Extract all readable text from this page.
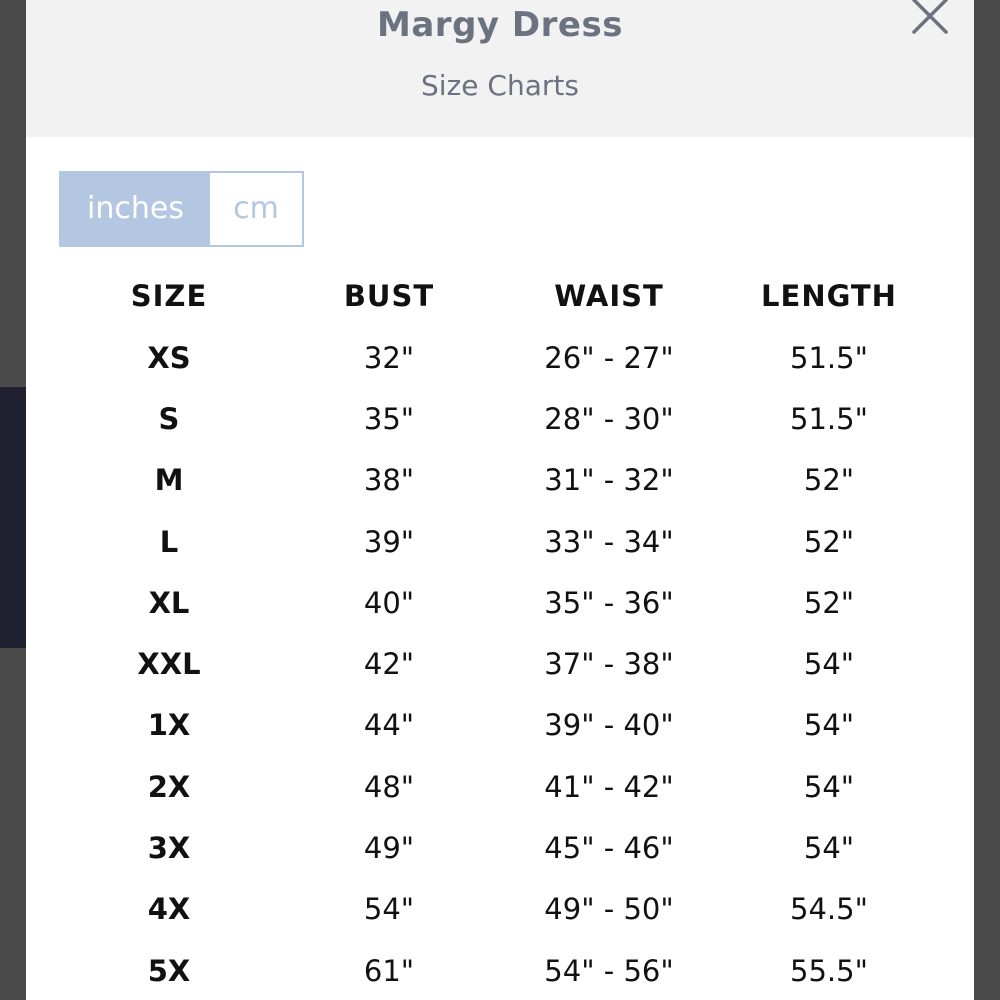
Margy Dress
Size Charts
inches	cm
SIZE	BUST	WAIST	LENGTH
XS	32"	26" - 27"	51.5"
S	35"	28" - 30"	51.5"
M	38"	31" - 32"	52"
L	39"	33" - 34"	52"
XL	40"	35" - 36"	52"
XXL	42"	37" - 38"	54"
1X	44"	39" - 40"	54"
2X	48"	41" - 42"	54"
3X	49"	45" - 46"	54"
4X	54"	49" - 50"	54.5"
5X	61"	54" - 56"	55.5"
